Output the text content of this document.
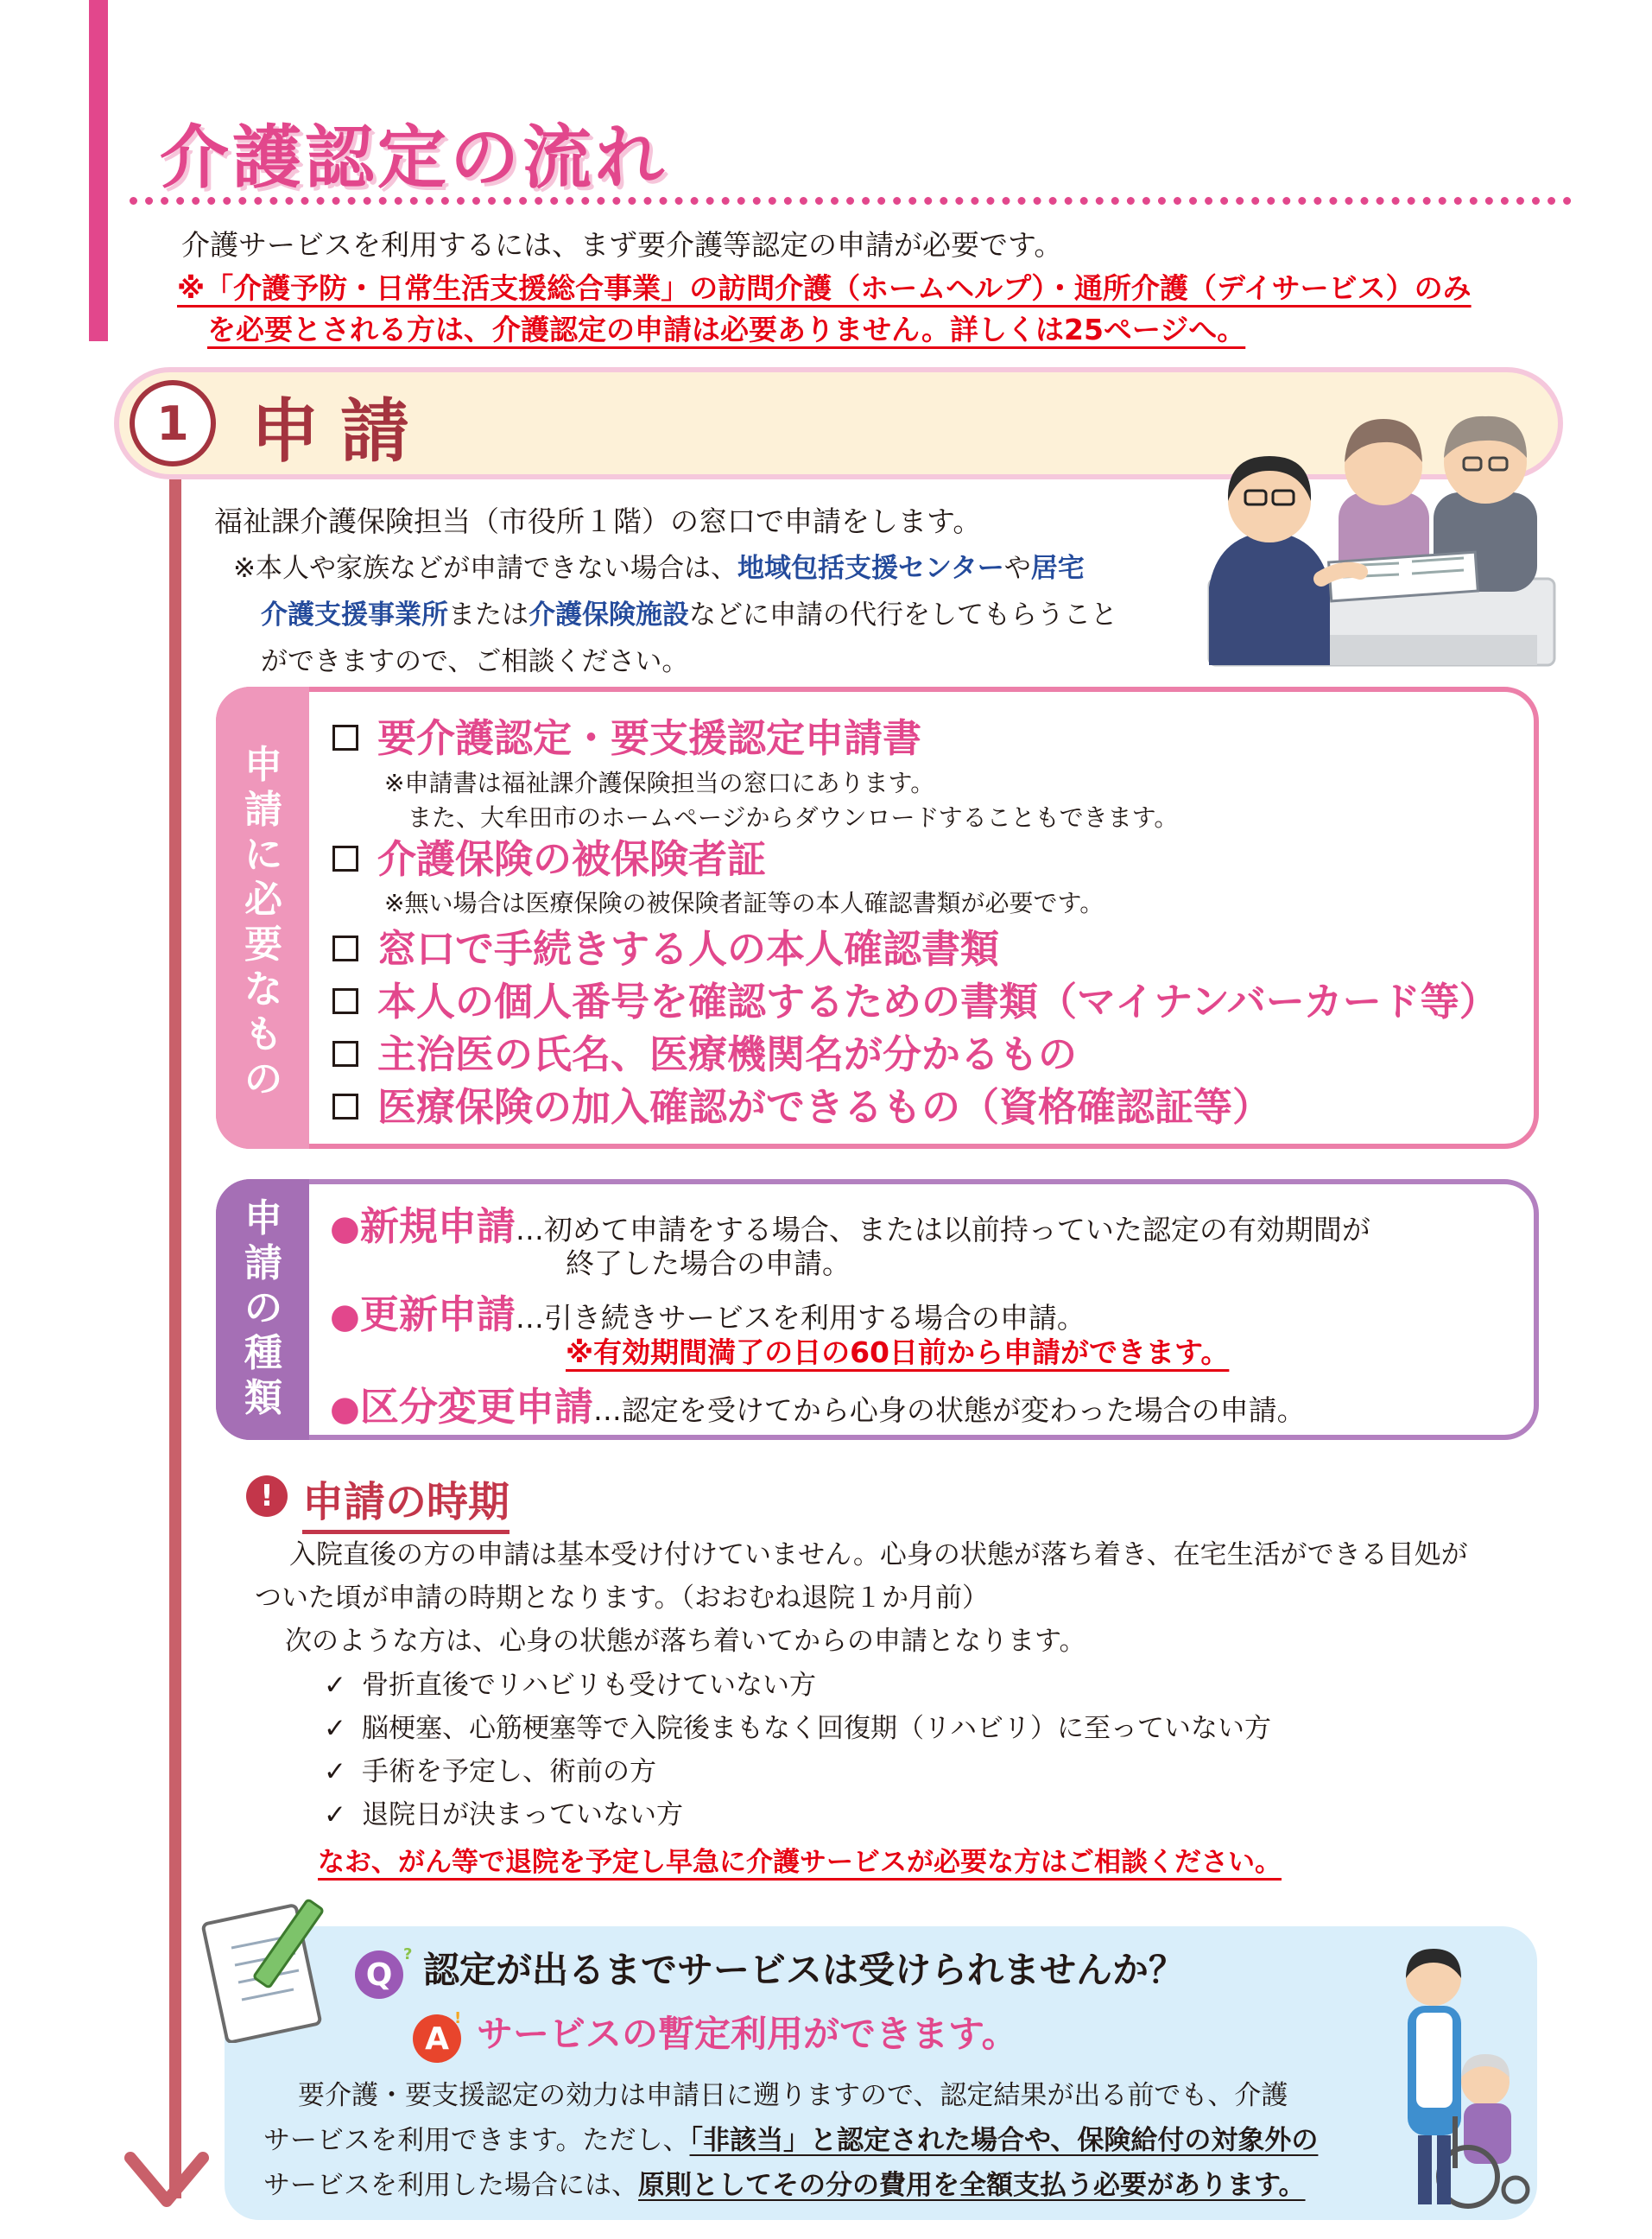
介護認定の流れ
介護サービスを利用するには、まず要介護等認定の申請が必要です。
※「介護予防・日常生活支援総合事業」の訪問介護（ホームヘルプ）・通所介護（デイサービス）のみ
を必要とされる方は、介護認定の申請は必要ありません。詳しくは25ページへ。
1 申請
福祉課介護保険担当（市役所１階）の窓口で申請をします。
※本人や家族などが申請できない場合は、地域包括支援センターや居宅
介護支援事業所または介護保険施設などに申請の代行をしてもらうこと
ができますので、ご相談ください。
申請に必要なもの
要介護認定・要支援認定申請書
※申請書は福祉課介護保険担当の窓口にあります。
また、大牟田市のホームページからダウンロードすることもできます。
介護保険の被保険者証
※無い場合は医療保険の被保険者証等の本人確認書類が必要です。
窓口で手続きする人の本人確認書類
本人の個人番号を確認するための書類（マイナンバーカード等）
主治医の氏名、医療機関名が分かるもの
医療保険の加入確認ができるもの（資格確認証等）
申請の種類
●新規申請…初めて申請をする場合、または以前持っていた認定の有効期間が
終了した場合の申請。
●更新申請…引き続きサービスを利用する場合の申請。
※有効期間満了の日の60日前から申請ができます。
●区分変更申請…認定を受けてから心身の状態が変わった場合の申請。
! 申請の時期
入院直後の方の申請は基本受け付けていません。心身の状態が落ち着き、在宅生活ができる目処が
ついた頃が申請の時期となります。（おおむね退院１か月前）
次のような方は、心身の状態が落ち着いてからの申請となります。
✓ 骨折直後でリハビリも受けていない方
✓ 脳梗塞、心筋梗塞等で入院後まもなく回復期（リハビリ）に至っていない方
✓ 手術を予定し、術前の方
✓ 退院日が決まっていない方
なお、がん等で退院を予定し早急に介護サービスが必要な方はご相談ください。
Q
? 認定が出るまでサービスは受けられませんか？
A
! サービスの暫定利用ができます。
要介護・要支援認定の効力は申請日に遡りますので、認定結果が出る前でも、介護
サービスを利用できます。ただし、「非該当」と認定された場合や、保険給付の対象外の
サービスを利用した場合には、原則としてその分の費用を全額支払う必要があります。
